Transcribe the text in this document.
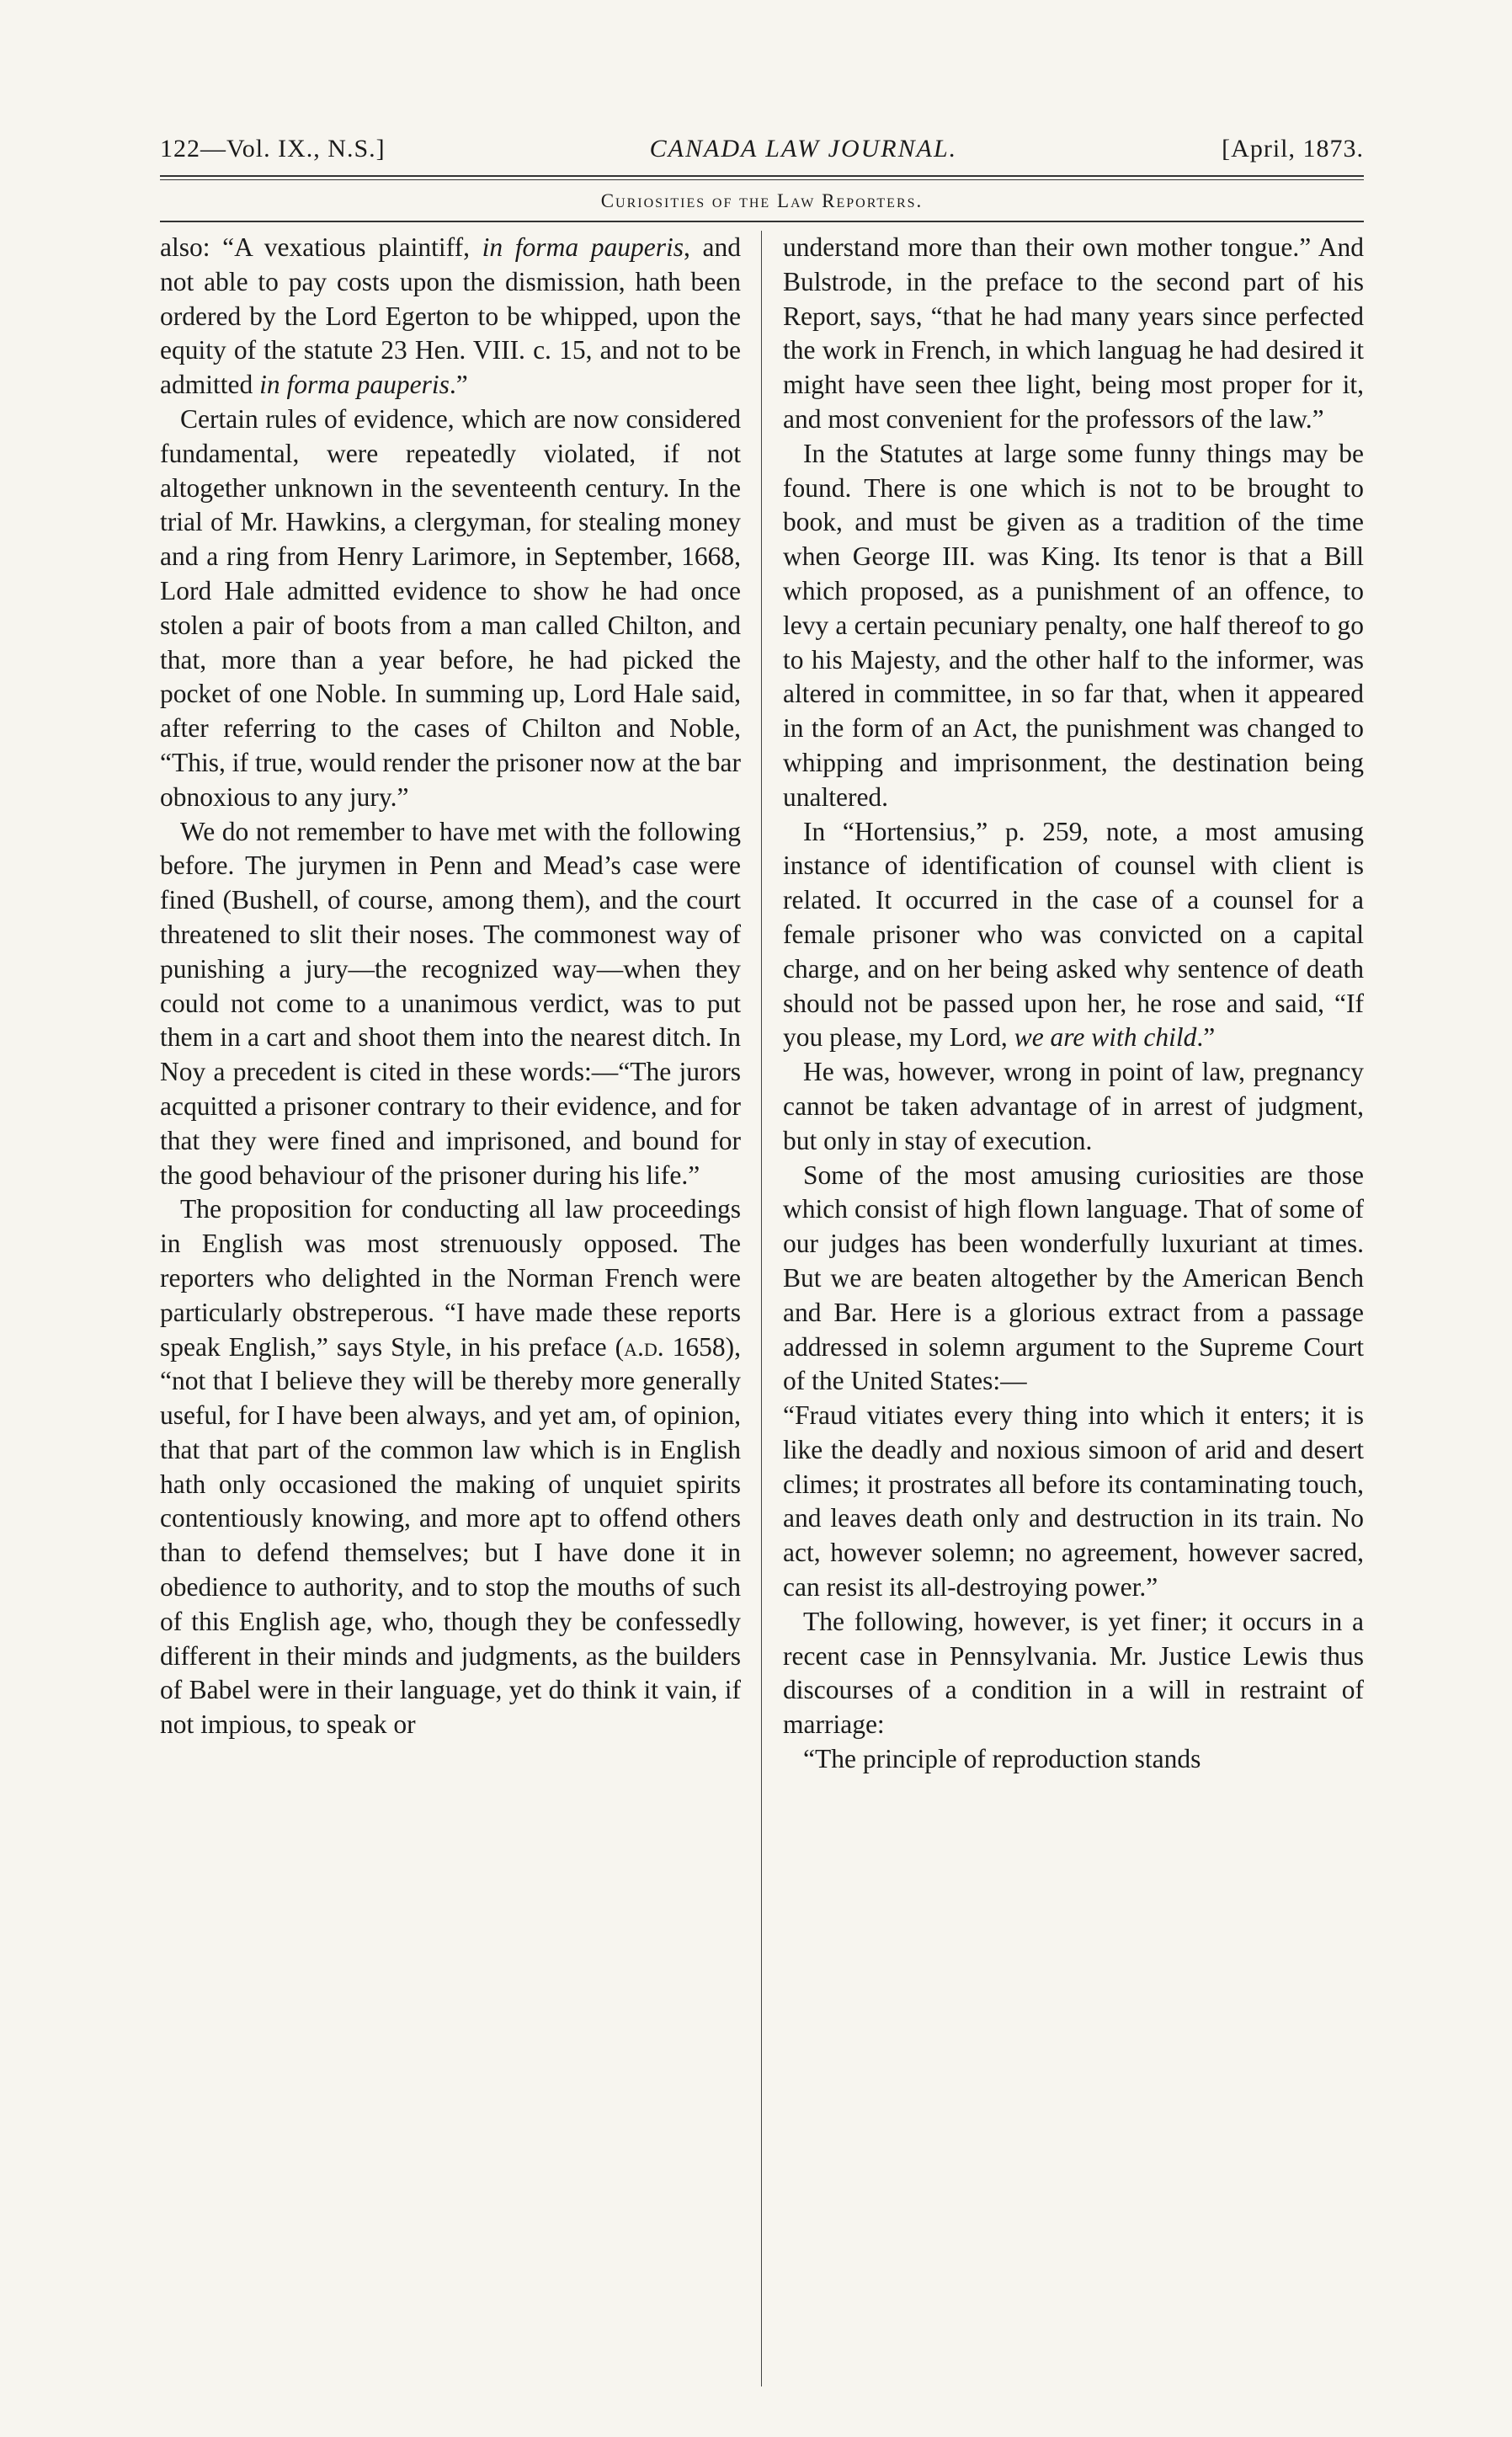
122—Vol. IX., N.S.]	CANADA LAW JOURNAL.	[April, 1873.
Curiosities of the Law Reporters.

also: “A vexatious plaintiff, in forma pauperis, and not able to pay costs upon the dismission, hath been ordered by the Lord Egerton to be whipped, upon the equity of the statute 23 Hen. VIII. c. 15, and not to be admitted in forma pauperis.”

Certain rules of evidence, which are now considered fundamental, were repeatedly violated, if not altogether unknown in the seventeenth century. In the trial of Mr. Hawkins, a clergyman, for stealing money and a ring from Henry Larimore, in September, 1668, Lord Hale admitted evidence to show he had once stolen a pair of boots from a man called Chilton, and that, more than a year before, he had picked the pocket of one Noble. In summing up, Lord Hale said, after referring to the cases of Chilton and Noble, “This, if true, would render the prisoner now at the bar obnoxious to any jury.”

We do not remember to have met with the following before. The jurymen in Penn and Mead’s case were fined (Bushell, of course, among them), and the court threatened to slit their noses. The commonest way of punishing a jury—the recognized way—when they could not come to a unanimous verdict, was to put them in a cart and shoot them into the nearest ditch. In Noy a precedent is cited in these words:—“The jurors acquitted a prisoner contrary to their evidence, and for that they were fined and imprisoned, and bound for the good behaviour of the prisoner during his life.”

The proposition for conducting all law proceedings in English was most strenuously opposed. The reporters who delighted in the Norman French were particularly obstreperous. “I have made these reports speak English,” says Style, in his preface (a.d. 1658), “not that I believe they will be thereby more generally useful, for I have been always, and yet am, of opinion, that that part of the common law which is in English hath only occasioned the making of unquiet spirits contentiously knowing, and more apt to offend others than to defend themselves; but I have done it in obedience to authority, and to stop the mouths of such of this English age, who, though they be confessedly different in their minds and judgments, as the builders of Babel were in their language, yet do think it vain, if not impious, to speak or

understand more than their own mother tongue.” And Bulstrode, in the preface to the second part of his Report, says, “that he had many years since perfected the work in French, in which languag he had desired it might have seen thee light, being most proper for it, and most convenient for the professors of the law.”

In the Statutes at large some funny things may be found. There is one which is not to be brought to book, and must be given as a tradition of the time when George III. was King. Its tenor is that a Bill which proposed, as a punishment of an offence, to levy a certain pecuniary penalty, one half thereof to go to his Majesty, and the other half to the informer, was altered in committee, in so far that, when it appeared in the form of an Act, the punishment was changed to whipping and imprisonment, the destination being unaltered.

In “Hortensius,” p. 259, note, a most amusing instance of identification of counsel with client is related. It occurred in the case of a counsel for a female prisoner who was convicted on a capital charge, and on her being asked why sentence of death should not be passed upon her, he rose and said, “If you please, my Lord, we are with child.”

He was, however, wrong in point of law, pregnancy cannot be taken advantage of in arrest of judgment, but only in stay of execution.

Some of the most amusing curiosities are those which consist of high flown language. That of some of our judges has been wonderfully luxuriant at times. But we are beaten altogether by the American Bench and Bar. Here is a glorious extract from a passage addressed in solemn argument to the Supreme Court of the United States:—

“Fraud vitiates every thing into which it enters; it is like the deadly and noxious simoon of arid and desert climes; it prostrates all before its contaminating touch, and leaves death only and destruction in its train. No act, however solemn; no agreement, however sacred, can resist its all-destroying power.”

The following, however, is yet finer; it occurs in a recent case in Pennsylvania. Mr. Justice Lewis thus discourses of a condition in a will in restraint of marriage:

“The principle of reproduction stands
